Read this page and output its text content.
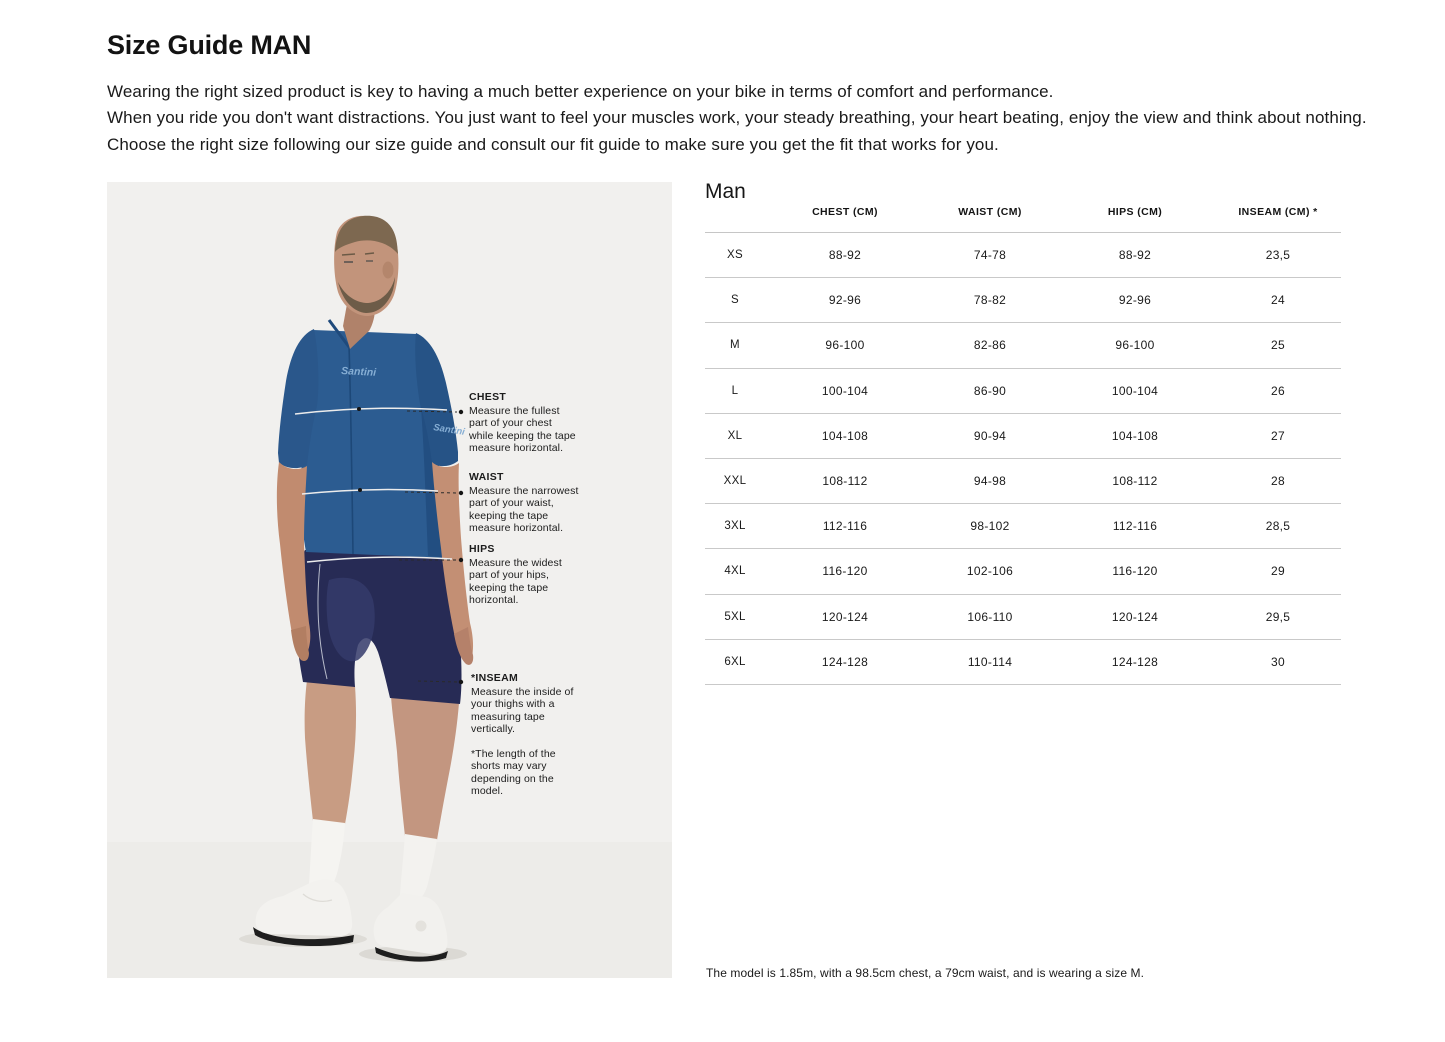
Size Guide MAN

Wearing the right sized product is key to having a much better experience on your bike in terms of comfort and performance.

When you ride you don't want distractions. You just want to feel your muscles work, your steady breathing, your heart beating, enjoy the view and think about nothing.

Choose the right size following our size guide and consult our fit guide to make sure you get the fit that works for you.

Santini
Santini

CHEST

Measure the fullest part of your chest while keeping the tape measure horizontal.

WAIST

Measure the narrowest part of your waist, keeping the tape measure horizontal.

HIPS

Measure the widest part of your hips, keeping the tape horizontal.

*INSEAM

Measure the inside of your thighs with a measuring tape vertically.

*The length of the shorts may vary depending on the model.

Man
CHEST (CM)	WAIST (CM)	HIPS (CM)	INSEAM (CM) *
XS	88-92	74-78	88-92	23,5
S	92-96	78-82	92-96	24
M	96-100	82-86	96-100	25
L	100-104	86-90	100-104	26
XL	104-108	90-94	104-108	27
XXL	108-112	94-98	108-112	28
3XL	112-116	98-102	112-116	28,5
4XL	116-120	102-106	116-120	29
5XL	120-124	106-110	120-124	29,5
6XL	124-128	110-114	124-128	30

The model is 1.85m, with a 98.5cm chest, a 79cm waist, and is wearing a size M.
